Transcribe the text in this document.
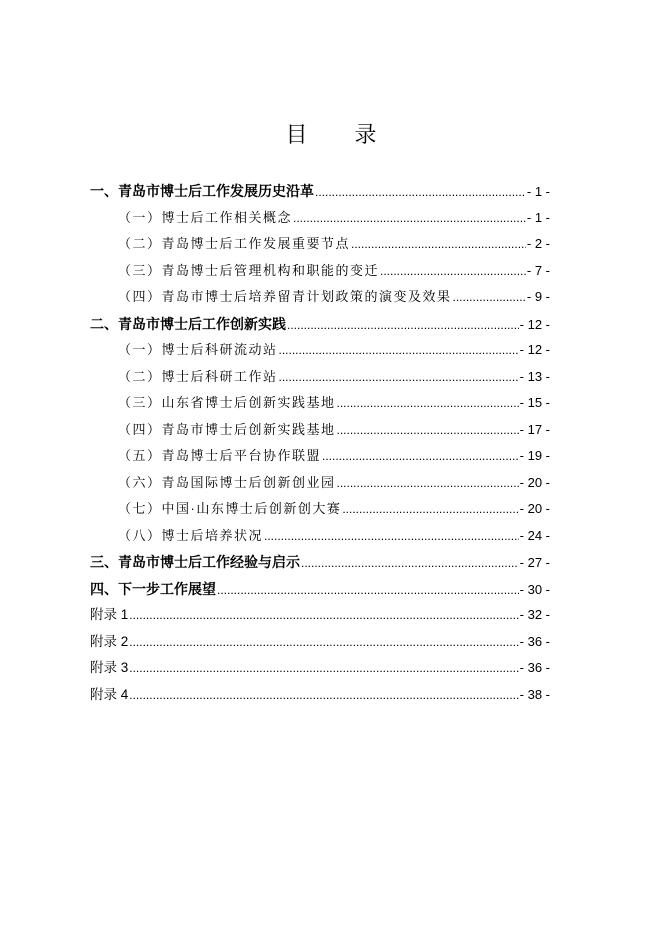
目 录
一、青岛市博士后工作发展历史沿革 .....	- 1 -
（一）博士后工作相关概念 .....	- 1 -
（二）青岛博士后工作发展重要节点 .....	- 2 -
（三）青岛博士后管理机构和职能的变迁 .....	- 7 -
（四）青岛市博士后培养留青计划政策的演变及效果 .....	- 9 -
二、青岛市博士后工作创新实践 .....	- 12 -
（一）博士后科研流动站 .....	- 12 -
（二）博士后科研工作站 .....	- 13 -
（三）山东省博士后创新实践基地 .....	- 15 -
（四）青岛市博士后创新实践基地 .....	- 17 -
（五）青岛博士后平台协作联盟 .....	- 19 -
（六）青岛国际博士后创新创业园 .....	- 20 -
（七）中国·山东博士后创新创大赛 .....	- 20 -
（八）博士后培养状况 .....	- 24 -
三、青岛市博士后工作经验与启示 .....	- 27 -
四、下一步工作展望 .....	- 30 -
附录 1 .....	- 32 -
附录 2 .....	- 36 -
附录 3 .....	- 36 -
附录 4 .....	- 38 -
